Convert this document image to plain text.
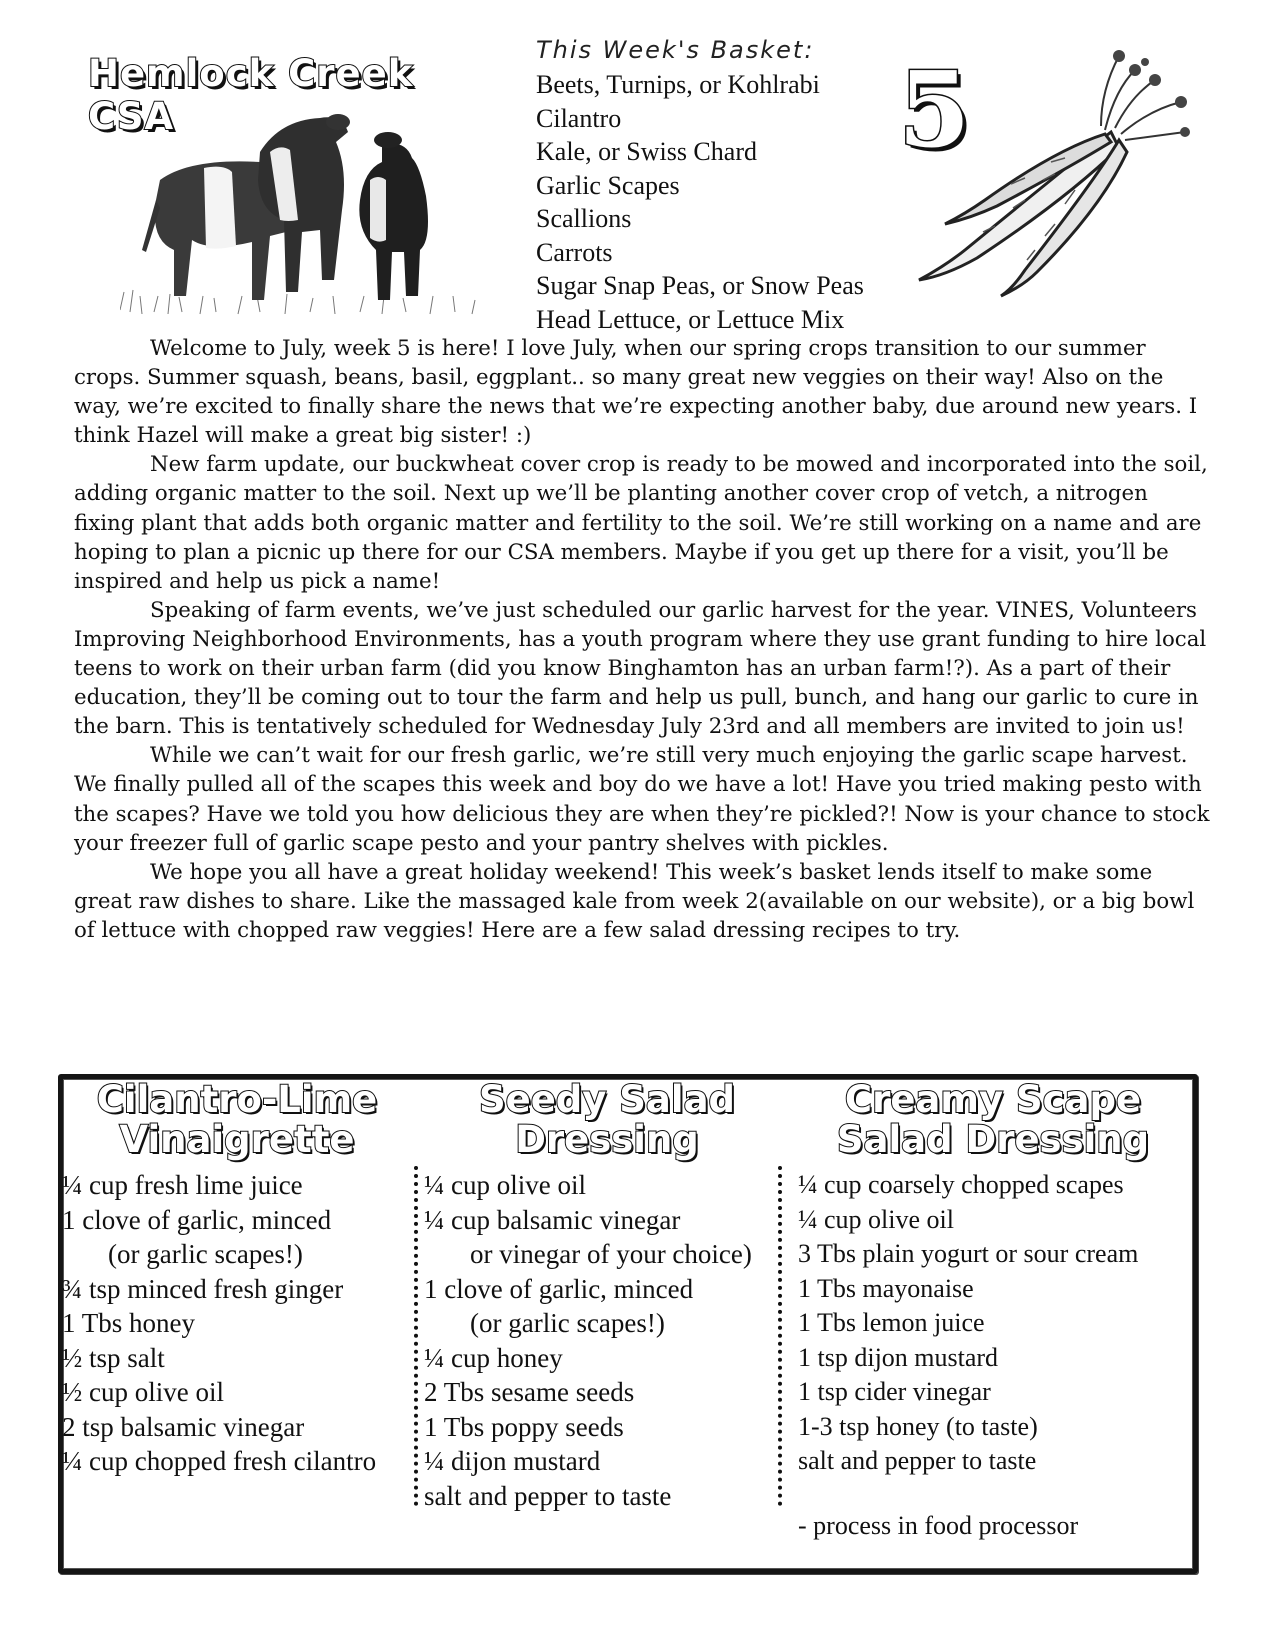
Hemlock Creek CSA
This Week's Basket:
Beets, Turnips, or Kohlrabi
Cilantro
Kale, or Swiss Chard
Garlic Scapes
Scallions
Carrots
Sugar Snap Peas, or Snow Peas
Head Lettuce, or Lettuce Mix
5

Welcome to July, week 5 is here! I love July, when our spring crops transition to our summer crops. Summer squash, beans, basil, eggplant.. so many great new veggies on their way! Also on the way, we’re excited to finally share the news that we’re expecting another baby, due around new years. I think Hazel will make a great big sister! :)

New farm update, our buckwheat cover crop is ready to be mowed and incorporated into the soil, adding organic matter to the soil. Next up we’ll be planting another cover crop of vetch, a nitrogen fixing plant that adds both organic matter and fertility to the soil. We’re still working on a name and are hoping to plan a picnic up there for our CSA members. Maybe if you get up there for a visit, you’ll be inspired and help us pick a name!

Speaking of farm events, we’ve just scheduled our garlic harvest for the year. VINES, Volunteers Improving Neighborhood Environments, has a youth program where they use grant funding to hire local teens to work on their urban farm (did you know Binghamton has an urban farm!?). As a part of their education, they’ll be coming out to tour the farm and help us pull, bunch, and hang our garlic to cure in the barn. This is tentatively scheduled for Wednesday July 23rd and all members are invited to join us!

While we can’t wait for our fresh garlic, we’re still very much enjoying the garlic scape harvest. We finally pulled all of the scapes this week and boy do we have a lot! Have you tried making pesto with the scapes? Have we told you how delicious they are when they’re pickled?! Now is your chance to stock your freezer full of garlic scape pesto and your pantry shelves with pickles.

We hope you all have a great holiday weekend! This week’s basket lends itself to make some great raw dishes to share. Like the massaged kale from week 2(available on our website), or a big bowl of lettuce with chopped raw veggies! Here are a few salad dressing recipes to try.

Cilantro-Lime
Vinaigrette
¼ cup fresh lime juice
1 clove of garlic, minced
(or garlic scapes!)
¾ tsp minced fresh ginger
1 Tbs honey
½ tsp salt
½ cup olive oil
2 tsp balsamic vinegar
¼ cup chopped fresh cilantro
Seedy Salad
Dressing
¼ cup olive oil
¼ cup balsamic vinegar
or vinegar of your choice)
1 clove of garlic, minced
(or garlic scapes!)
¼ cup honey
2 Tbs sesame seeds
1 Tbs poppy seeds
¼ dijon mustard
salt and pepper to taste
Creamy Scape
Salad Dressing
¼ cup coarsely chopped scapes
¼ cup olive oil
3 Tbs plain yogurt or sour cream
1 Tbs mayonaise
1 Tbs lemon juice
1 tsp dijon mustard
1 tsp cider vinegar
1-3 tsp honey (to taste)
salt and pepper to taste
- process in food processor
